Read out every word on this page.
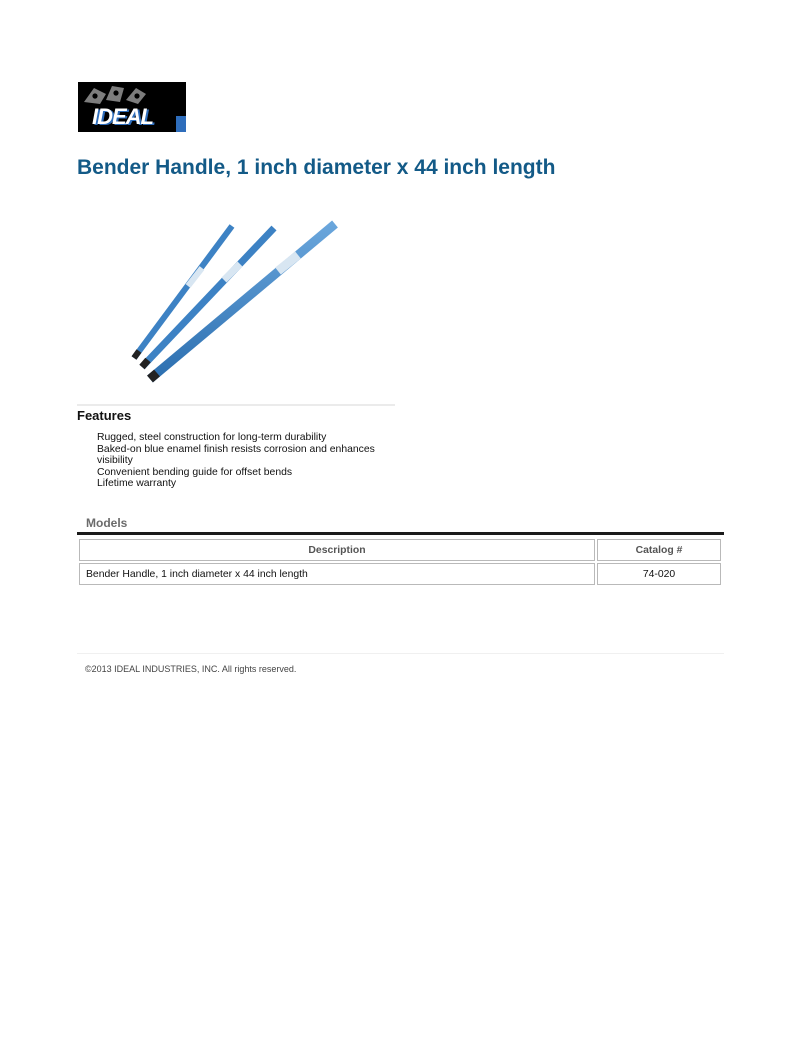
IDEAL
Bender Handle, 1 inch diameter x 44 inch length
Features
Rugged, steel construction for long-term durability
Baked-on blue enamel finish resists corrosion and enhances visibility
Convenient bending guide for offset bends
Lifetime warranty
Models
Description	Catalog #
Bender Handle, 1 inch diameter x 44 inch length	74-020

©2013 IDEAL INDUSTRIES, INC. All rights reserved.
